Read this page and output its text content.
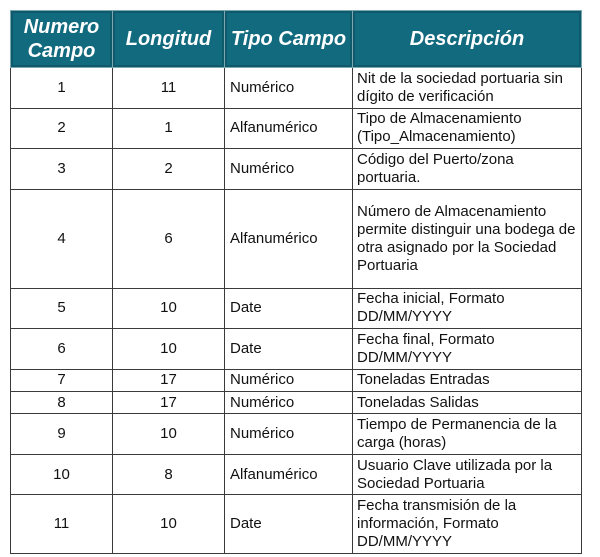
Numero Campo	Longitud	Tipo Campo	Descripción
1	11	Numérico	Nit de la sociedad portuaria sin dígito de verificación
2	1	Alfanumérico	Tipo de Almacenamiento (Tipo_Almacenamiento)
3	2	Numérico	Código del Puerto/zona portuaria.
4	6	Alfanumérico	Número de Almacenamiento permite distinguir una bodega de otra asignado por la Sociedad Portuaria
5	10	Date	Fecha inicial, Formato DD/MM/YYYY
6	10	Date	Fecha final, Formato DD/MM/YYYY
7	17	Numérico	Toneladas Entradas
8	17	Numérico	Toneladas Salidas
9	10	Numérico	Tiempo de Permanencia de la carga (horas)
10	8	Alfanumérico	Usuario Clave utilizada por la Sociedad Portuaria
11	10	Date	Fecha transmisión de la información, Formato DD/MM/YYYY
